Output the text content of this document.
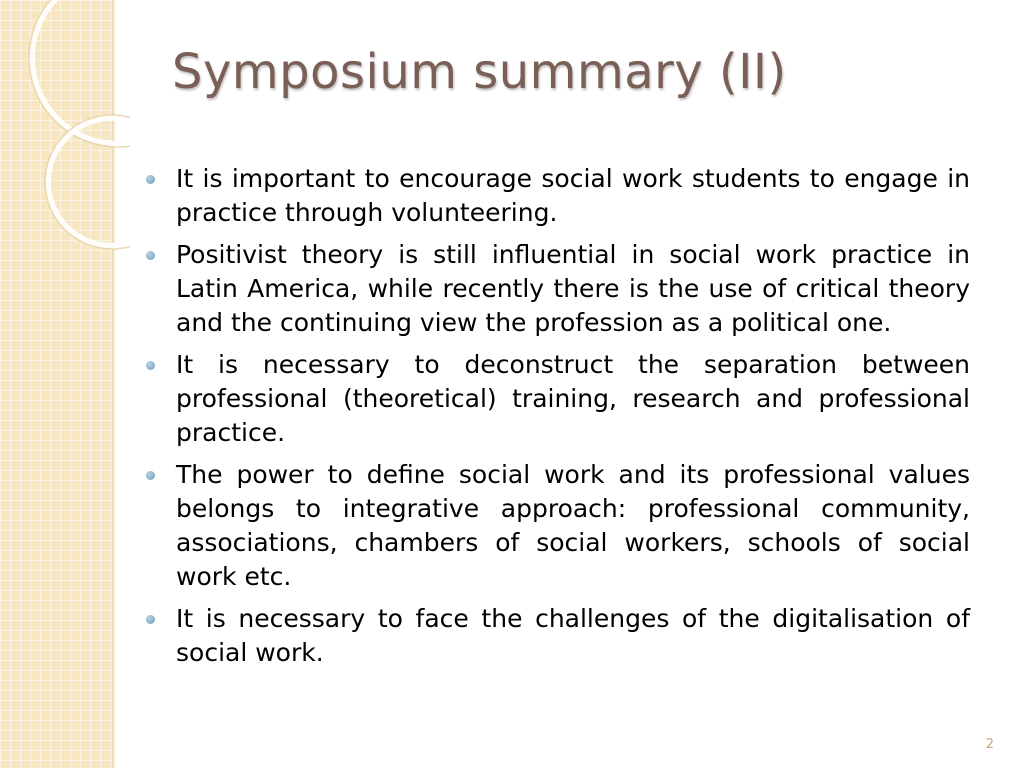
Symposium summary (II)
It is important to encourage social work students to engage in practice through volunteering.
Positivist theory is still influential in social work practice in Latin America, while recently there is the use of critical theory and the continuing view the profession as a political one.
It is necessary to deconstruct the separation between professional (theoretical) training, research and professional practice.
The power to define social work and its professional values belongs to integrative approach: professional community, associations, chambers of social workers, schools of social work etc.
It is necessary to face the challenges of the digitalisation of social work.
2
